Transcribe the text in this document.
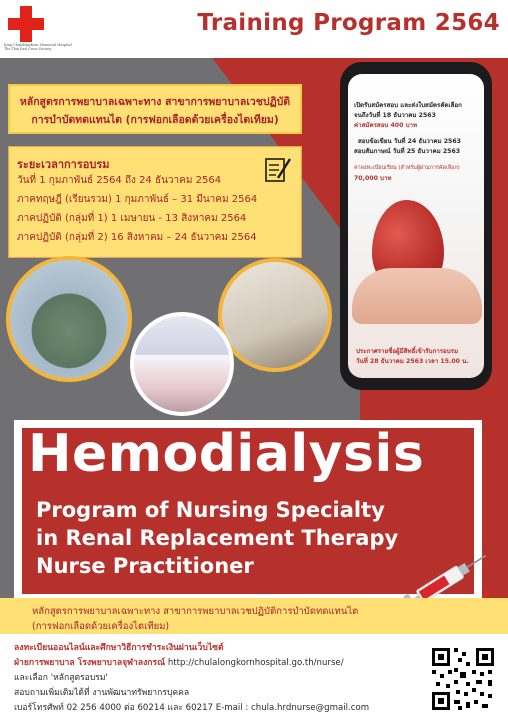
King Chulalongkorn Memorial Hospital
The Thai Red Cross Society
Training Program 2564
หลักสูตรการพยาบาลเฉพาะทาง สาขาการพยาบาลเวชปฏิบัติ
การบำบัดทดแทนไต (การฟอกเลือดด้วยเครื่องไตเทียม)
ระยะเวลาการอบรม
วันที่ 1 กุมภาพันธ์ 2564 ถึง 24 ธันวาคม 2564
ภาคทฤษฎี (เรียนรวม) 1 กุมภาพันธ์ – 31 มีนาคม 2564
ภาคปฏิบัติ (กลุ่มที่ 1) 1 เมษายน - 13 สิงหาคม 2564
ภาคปฏิบัติ (กลุ่มที่ 2) 16 สิงหาคม – 24 ธันวาคม 2564
เปิดรับสมัครสอบ และส่งใบสมัครคัดเลือก
จนถึงวันที่ 18 ธันวาคม 2563
ค่าสมัครสอบ 400 บาท
สอบข้อเขียน วันที่ 24 ธันวาคม 2563
สอบสัมภาษณ์ วันที่ 25 ธันวาคม 2563
ค่าลงทะเบียนเรียน (สำหรับผู้ผ่านการคัดเลือก)
70,000 บาท
ประกาศรายชื่อผู้มีสิทธิ์เข้ารับการอบรม
วันที่ 28 ธันวาคม 2563 เวลา 15.00 น.
Hemodialysis
Program of Nursing Specialty
in Renal Replacement Therapy
Nurse Practitioner
หลักสูตรการพยาบาลเฉพาะทาง สาขาการพยาบาลเวชปฏิบัติการบำบัดทดแทนไต
(การฟอกเลือดด้วยเครื่องไตเทียม)
ลงทะเบียนออนไลน์และศึกษาวิธีการชำระเงินผ่านเว็บไซต์
ฝ่ายการพยาบาล โรงพยาบาลจุฬาลงกรณ์ http://chulalongkornhospital.go.th/nurse/
และเลือก 'หลักสูตรอบรม'
สอบถามเพิ่มเติมได้ที่ งานพัฒนาทรัพยากรบุคคล
เบอร์โทรศัพท์ 02 256 4000 ต่อ 60214 และ 60217 E-mail : chula.hrdnurse@gmail.com
